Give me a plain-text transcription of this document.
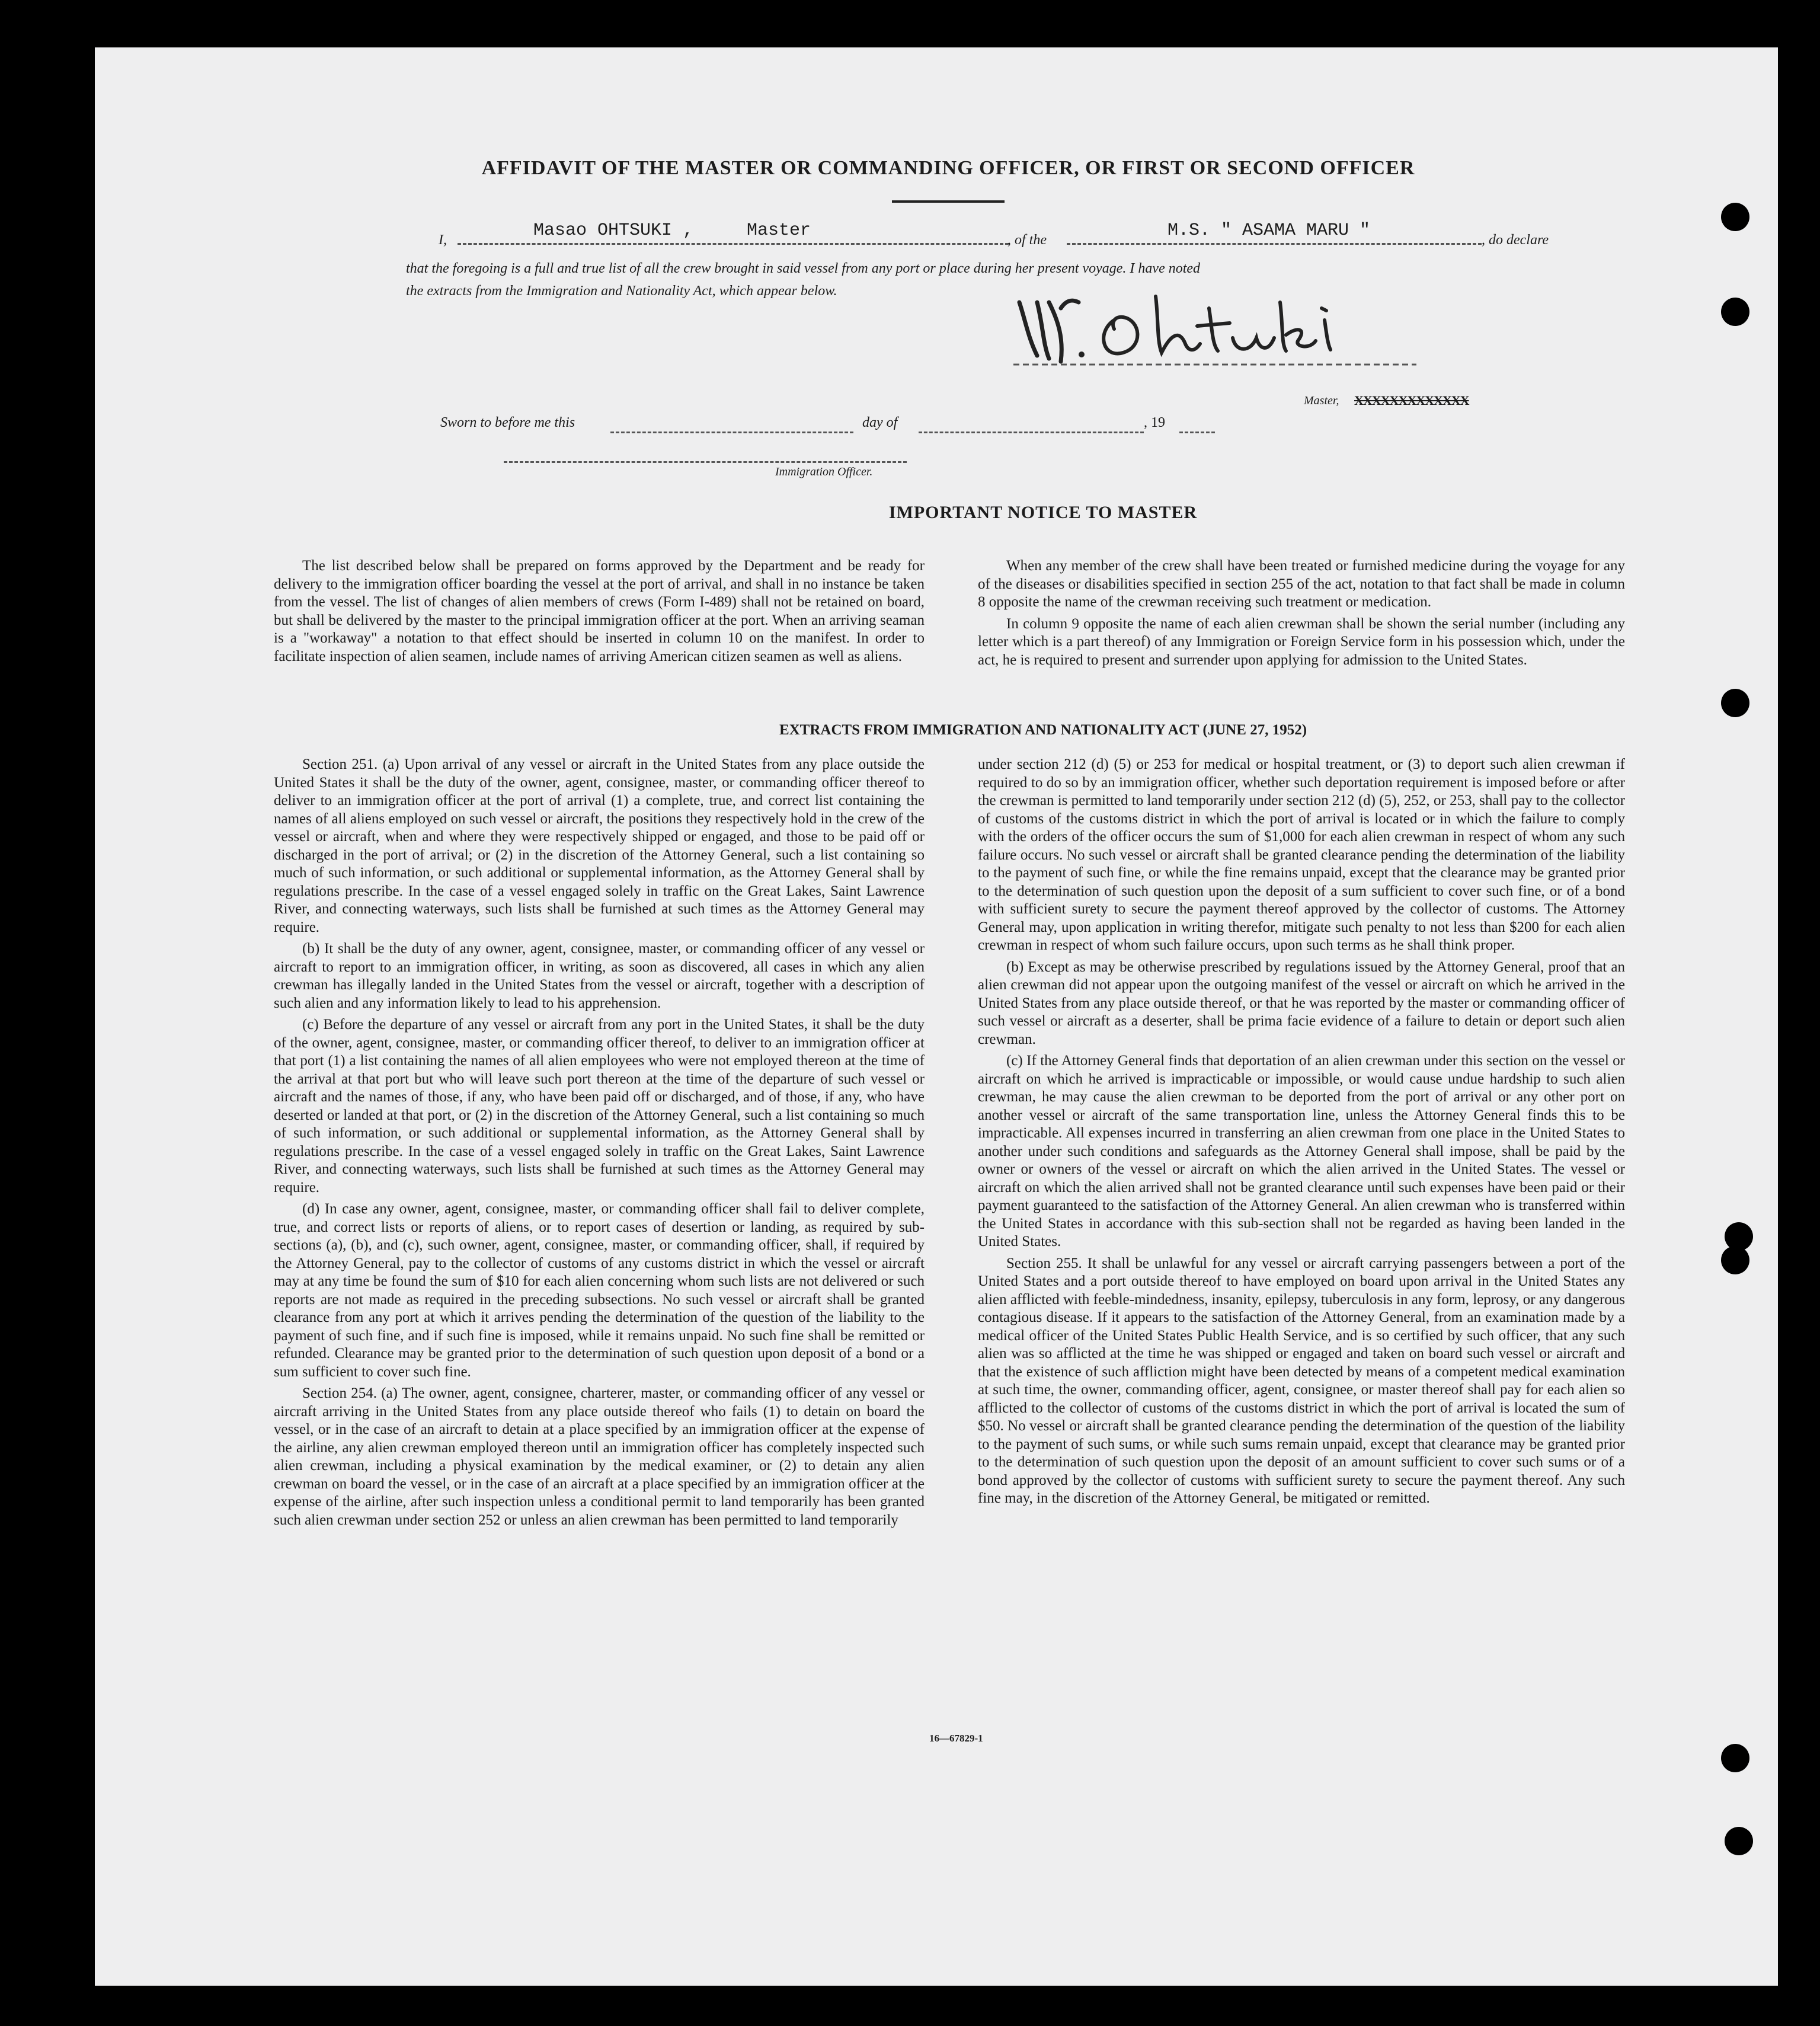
AFFIDAVIT OF THE MASTER OR COMMANDING OFFICER, OR FIRST OR SECOND OFFICER
I,	Masao OHTSUKI ,	Master	, of the	M.S. " ASAMA MARU "	, do declare
that the foregoing is a full and true list of all the crew brought in said vessel from any port or place during her present voyage. I have noted
the extracts from the Immigration and Nationality Act, which appear below.
Master, XXXXXXXXXXXXX
Sworn to before me this	day of	, 19
Immigration Officer.
IMPORTANT NOTICE TO MASTER

The list described below shall be prepared on forms approved by the Department and be ready for delivery to the immigration officer boarding the vessel at the port of arrival, and shall in no instance be taken from the vessel. The list of changes of alien members of crews (Form I-489) shall not be retained on board, but shall be delivered by the master to the principal immigration officer at the port. When an arriving seaman is a "workaway" a notation to that effect should be inserted in column 10 on the manifest. In order to facilitate inspection of alien seamen, include names of arriving American citizen seamen as well as aliens.

When any member of the crew shall have been treated or furnished medicine during the voyage for any of the diseases or disabilities specified in section 255 of the act, notation to that fact shall be made in column 8 opposite the name of the crewman receiving such treatment or medication.

In column 9 opposite the name of each alien crewman shall be shown the serial number (including any letter which is a part thereof) of any Immigration or Foreign Service form in his possession which, under the act, he is required to present and surrender upon applying for admission to the United States.

EXTRACTS FROM IMMIGRATION AND NATIONALITY ACT (JUNE 27, 1952)

Section 251. (a) Upon arrival of any vessel or aircraft in the United States from any place outside the United States it shall be the duty of the owner, agent, consignee, master, or commanding officer thereof to deliver to an immigration officer at the port of arrival (1) a complete, true, and correct list containing the names of all aliens employed on such vessel or aircraft, the positions they respectively hold in the crew of the vessel or aircraft, when and where they were respectively shipped or engaged, and those to be paid off or discharged in the port of arrival; or (2) in the discretion of the Attorney General, such a list containing so much of such information, or such additional or supplemental information, as the Attorney General shall by regulations prescribe. In the case of a vessel engaged solely in traffic on the Great Lakes, Saint Lawrence River, and connecting waterways, such lists shall be furnished at such times as the Attorney General may require.

(b) It shall be the duty of any owner, agent, consignee, master, or commanding officer of any vessel or aircraft to report to an immigration officer, in writing, as soon as discovered, all cases in which any alien crewman has illegally landed in the United States from the vessel or aircraft, together with a description of such alien and any information likely to lead to his apprehension.

(c) Before the departure of any vessel or aircraft from any port in the United States, it shall be the duty of the owner, agent, consignee, master, or commanding officer thereof, to deliver to an immigration officer at that port (1) a list containing the names of all alien employees who were not employed thereon at the time of the arrival at that port but who will leave such port thereon at the time of the departure of such vessel or aircraft and the names of those, if any, who have been paid off or discharged, and of those, if any, who have deserted or landed at that port, or (2) in the discretion of the Attorney General, such a list containing so much of such information, or such additional or supplemental information, as the Attorney General shall by regulations prescribe. In the case of a vessel engaged solely in traffic on the Great Lakes, Saint Lawrence River, and connecting waterways, such lists shall be furnished at such times as the Attorney General may require.

(d) In case any owner, agent, consignee, master, or commanding officer shall fail to deliver complete, true, and correct lists or reports of aliens, or to report cases of desertion or landing, as required by sub-sections (a), (b), and (c), such owner, agent, consignee, master, or commanding officer, shall, if required by the Attorney General, pay to the collector of customs of any customs district in which the vessel or aircraft may at any time be found the sum of $10 for each alien concerning whom such lists are not delivered or such reports are not made as required in the preceding subsections. No such vessel or aircraft shall be granted clearance from any port at which it arrives pending the determination of the question of the liability to the payment of such fine, and if such fine is imposed, while it remains unpaid. No such fine shall be remitted or refunded. Clearance may be granted prior to the determination of such question upon deposit of a bond or a sum sufficient to cover such fine.

Section 254. (a) The owner, agent, consignee, charterer, master, or commanding officer of any vessel or aircraft arriving in the United States from any place outside thereof who fails (1) to detain on board the vessel, or in the case of an aircraft to detain at a place specified by an immigration officer at the expense of the airline, any alien crewman employed thereon until an immigration officer has completely inspected such alien crewman, including a physical examination by the medical examiner, or (2) to detain any alien crewman on board the vessel, or in the case of an aircraft at a place specified by an immigration officer at the expense of the airline, after such inspection unless a conditional permit to land temporarily has been granted such alien crewman under section 252 or unless an alien crewman has been permitted to land temporarily

under section 212 (d) (5) or 253 for medical or hospital treatment, or (3) to deport such alien crewman if required to do so by an immigration officer, whether such deportation requirement is imposed before or after the crewman is permitted to land temporarily under section 212 (d) (5), 252, or 253, shall pay to the collector of customs of the customs district in which the port of arrival is located or in which the failure to comply with the orders of the officer occurs the sum of $1,000 for each alien crewman in respect of whom any such failure occurs. No such vessel or aircraft shall be granted clearance pending the determination of the liability to the payment of such fine, or while the fine remains unpaid, except that the clearance may be granted prior to the determination of such question upon the deposit of a sum sufficient to cover such fine, or of a bond with sufficient surety to secure the payment thereof approved by the collector of customs. The Attorney General may, upon application in writing therefor, mitigate such penalty to not less than $200 for each alien crewman in respect of whom such failure occurs, upon such terms as he shall think proper.

(b) Except as may be otherwise prescribed by regulations issued by the Attorney General, proof that an alien crewman did not appear upon the outgoing manifest of the vessel or aircraft on which he arrived in the United States from any place outside thereof, or that he was reported by the master or commanding officer of such vessel or aircraft as a deserter, shall be prima facie evidence of a failure to detain or deport such alien crewman.

(c) If the Attorney General finds that deportation of an alien crewman under this section on the vessel or aircraft on which he arrived is impracticable or impossible, or would cause undue hardship to such alien crewman, he may cause the alien crewman to be deported from the port of arrival or any other port on another vessel or aircraft of the same transportation line, unless the Attorney General finds this to be impracticable. All expenses incurred in transferring an alien crewman from one place in the United States to another under such conditions and safeguards as the Attorney General shall impose, shall be paid by the owner or owners of the vessel or aircraft on which the alien arrived in the United States. The vessel or aircraft on which the alien arrived shall not be granted clearance until such expenses have been paid or their payment guaranteed to the satisfaction of the Attorney General. An alien crewman who is transferred within the United States in accordance with this sub-section shall not be regarded as having been landed in the United States.

Section 255. It shall be unlawful for any vessel or aircraft carrying passengers between a port of the United States and a port outside thereof to have employed on board upon arrival in the United States any alien afflicted with feeble-mindedness, insanity, epilepsy, tuberculosis in any form, leprosy, or any dangerous contagious disease. If it appears to the satisfaction of the Attorney General, from an examination made by a medical officer of the United States Public Health Service, and is so certified by such officer, that any such alien was so afflicted at the time he was shipped or engaged and taken on board such vessel or aircraft and that the existence of such affliction might have been detected by means of a competent medical examination at such time, the owner, commanding officer, agent, consignee, or master thereof shall pay for each alien so afflicted to the collector of customs of the customs district in which the port of arrival is located the sum of $50. No vessel or aircraft shall be granted clearance pending the determination of the question of the liability to the payment of such sums, or while such sums remain unpaid, except that clearance may be granted prior to the determination of such question upon the deposit of an amount sufficient to cover such sums or of a bond approved by the collector of customs with sufficient surety to secure the payment thereof. Any such fine may, in the discretion of the Attorney General, be mitigated or remitted.

16—67829-1
